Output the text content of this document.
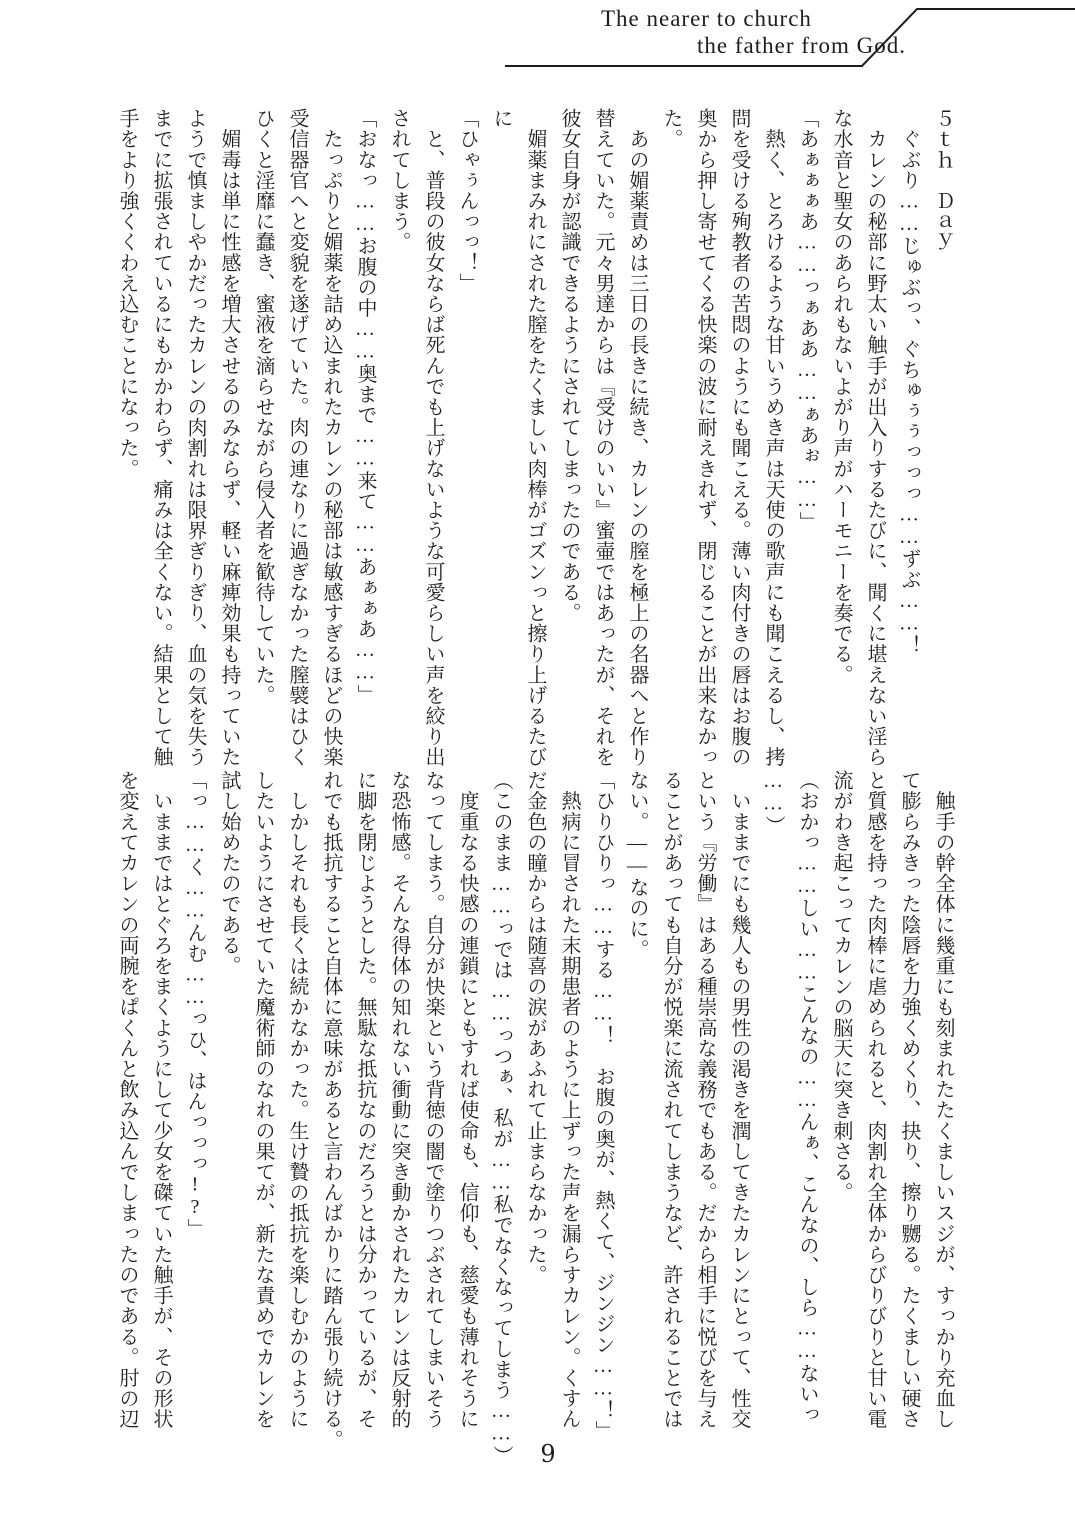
The nearer to church
the father from God.
５ｔｈ　Ｄａｙ
　ぐぶり……じゅぶっ、ぐちゅぅぅっっっ……ずぶ……！
　カレンの秘部に野太い触手が出入りするたびに、聞くに堪えない淫ら
な水音と聖女のあられもないよがり声がハーモニーを奏でる。
「あぁぁぁあ……っぁああ……ぁあぉ……」
　熱く、とろけるような甘いうめき声は天使の歌声にも聞こえるし、拷
問を受ける殉教者の苦悶のようにも聞こえる。薄い肉付きの唇はお腹の
奥から押し寄せてくる快楽の波に耐えきれず、閉じることが出来なかっ
た。
　あの媚薬責めは三日の長きに続き、カレンの膣を極上の名器へと作り
替えていた。元々男達からは『受けのいい』蜜壷ではあったが、それを
彼女自身が認識できるようにされてしまったのである。
　媚薬まみれにされた膣をたくましい肉棒がゴズンっと擦り上げるたび
に
「ひゃぅんっっ！」
　と、普段の彼女ならば死んでも上げないような可愛らしい声を絞り出
されてしまう。
「おなっ……お腹の中……奥まで……来て……あぁぁあ……」
　たっぷりと媚薬を詰め込まれたカレンの秘部は敏感すぎるほどの快楽
受信器官へと変貌を遂げていた。肉の連なりに過ぎなかった膣襞はひく
ひくと淫靡に蠢き、蜜液を滴らせながら侵入者を歓待していた。
　媚毒は単に性感を増大させるのみならず、軽い麻痺効果も持っていた
ようで慎ましやかだったカレンの肉割れは限界ぎりぎり、血の気を失う
までに拡張されているにもかかわらず、痛みは全くない。結果として触
手をより強くくわえ込むことになった。
　触手の幹全体に幾重にも刻まれたたくましいスジが、すっかり充血し
て膨らみきった陰唇を力強くめくり、抉り、擦り嬲る。たくましい硬さ
と質感を持った肉棒に虐められると、肉割れ全体からびりびりと甘い電
流がわき起こってカレンの脳天に突き刺さる。
（おかっ……しい……こんなの……んぁ、こんなの、しら……ないっ
……）
　いままでにも幾人もの男性の渇きを潤してきたカレンにとって、性交
という『労働』はある種崇高な義務でもある。だから相手に悦びを与え
ることがあっても自分が悦楽に流されてしまうなど、許されることでは
ない。――なのに。
「ひりひりっ……する……！　お腹の奥が、熱くて、ジンジン……！」
　熱病に冒された末期患者のように上ずった声を漏らすカレン。くすん
だ金色の瞳からは随喜の涙があふれて止まらなかった。
（このまま……っでは……っつぁ、私が……私でなくなってしまう……）
　度重なる快感の連鎖にともすれば使命も、信仰も、慈愛も薄れそうに
なってしまう。自分が快楽という背徳の闇で塗りつぶされてしまいそう
な恐怖感。そんな得体の知れない衝動に突き動かされたカレンは反射的
に脚を閉じようとした。無駄な抵抗なのだろうとは分かっているが、そ
れでも抵抗すること自体に意味があると言わんばかりに踏ん張り続ける。
　しかしそれも長くは続かなかった。生け贄の抵抗を楽しむかのように
したいようにさせていた魔術師のなれの果てが、新たな責めでカレンを
試し始めたのである。
「っ……く……んむ……っひ、はんっっっ!?」
　いままではとぐろをまくようにして少女を磔ていた触手が、その形状
を変えてカレンの両腕をぱくんと飲み込んでしまったのである。肘の辺
9
